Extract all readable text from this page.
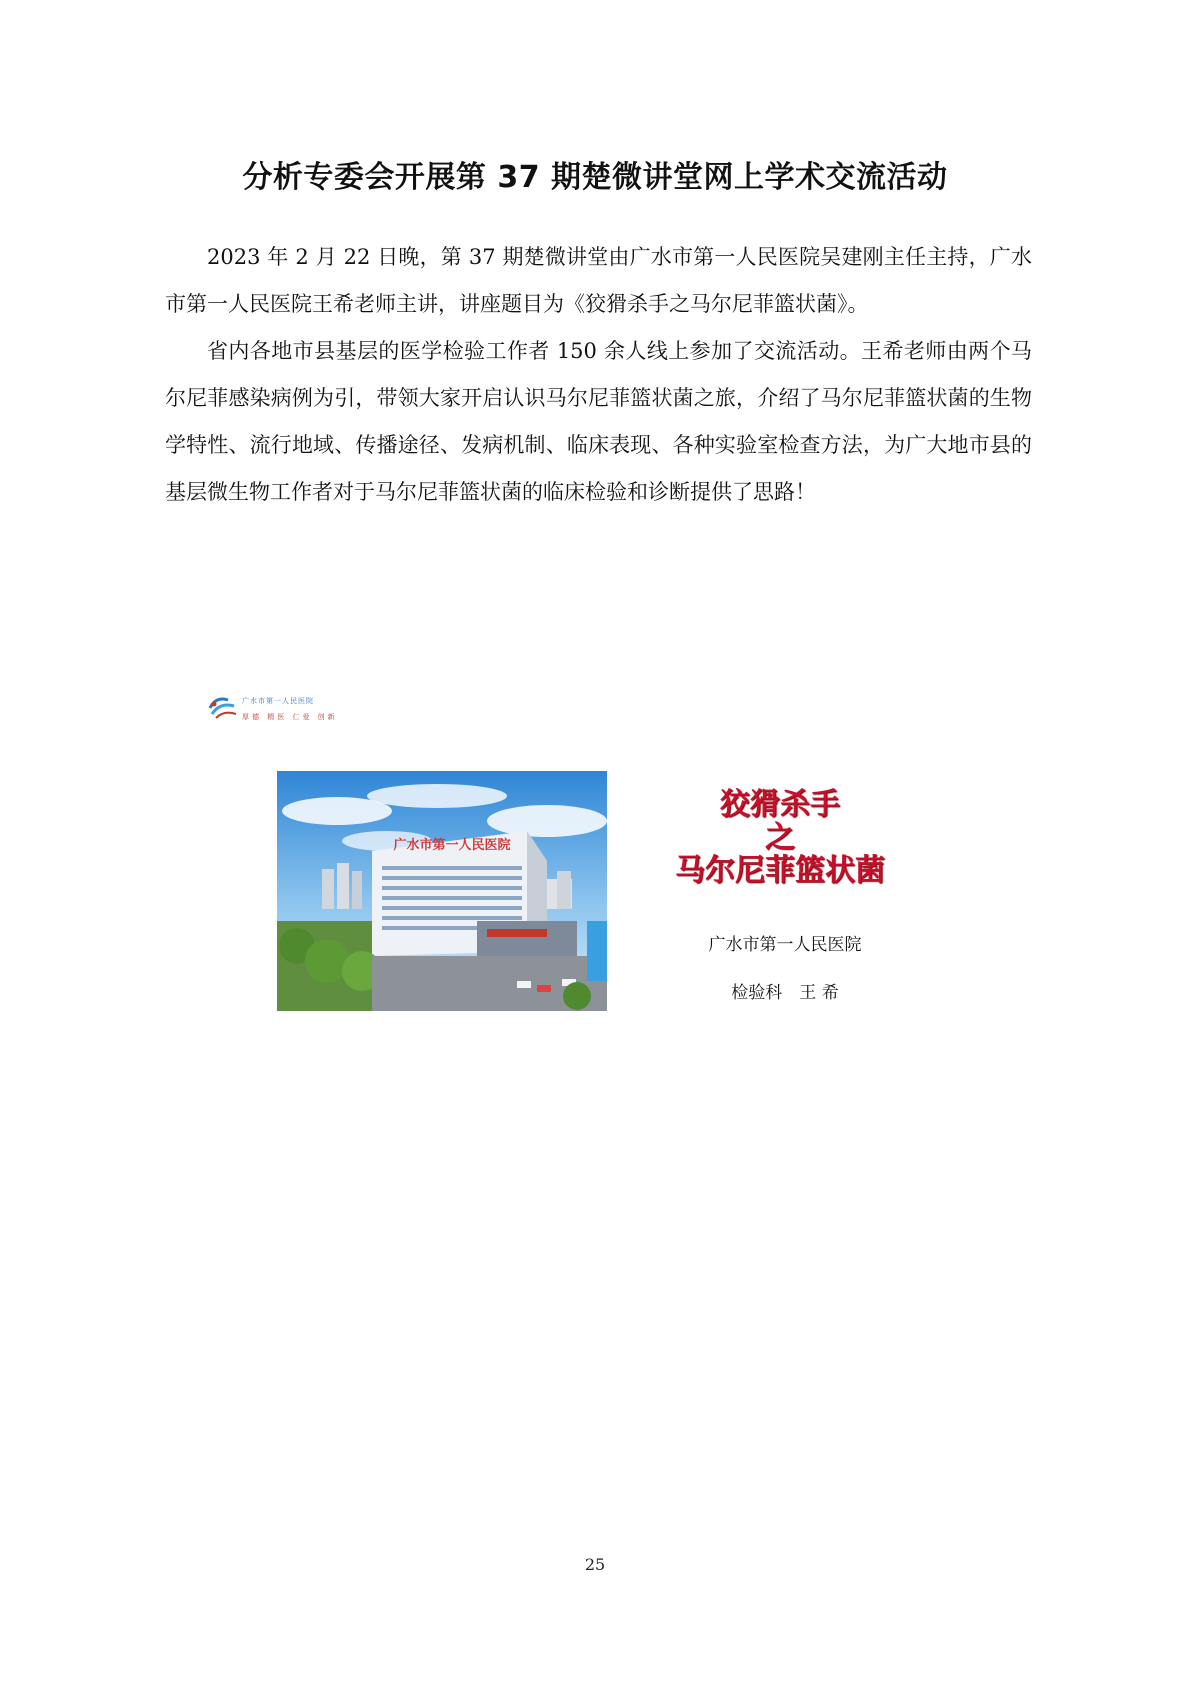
分析专委会开展第 37 期楚微讲堂网上学术交流活动

2023 年 2 月 22 日晚，第 37 期楚微讲堂由广水市第一人民医院吴建刚主任主持，广水市第一人民医院王希老师主讲，讲座题目为《狡猾杀手之马尔尼菲篮状菌》。

省内各地市县基层的医学检验工作者 150 余人线上参加了交流活动。王希老师由两个马尔尼菲感染病例为引，带领大家开启认识马尔尼菲篮状菌之旅，介绍了马尔尼菲篮状菌的生物学特性、流行地域、传播途径、发病机制、临床表现、各种实验室检查方法，为广大地市县的基层微生物工作者对于马尔尼菲篮状菌的临床检验和诊断提供了思路！

广水市第一人民医院
厚德 精医 仁爱 创新
广水市第一人民医院
狡猾杀手
之
马尔尼菲篮状菌
广水市第一人民医院
检验科　王 希
25
